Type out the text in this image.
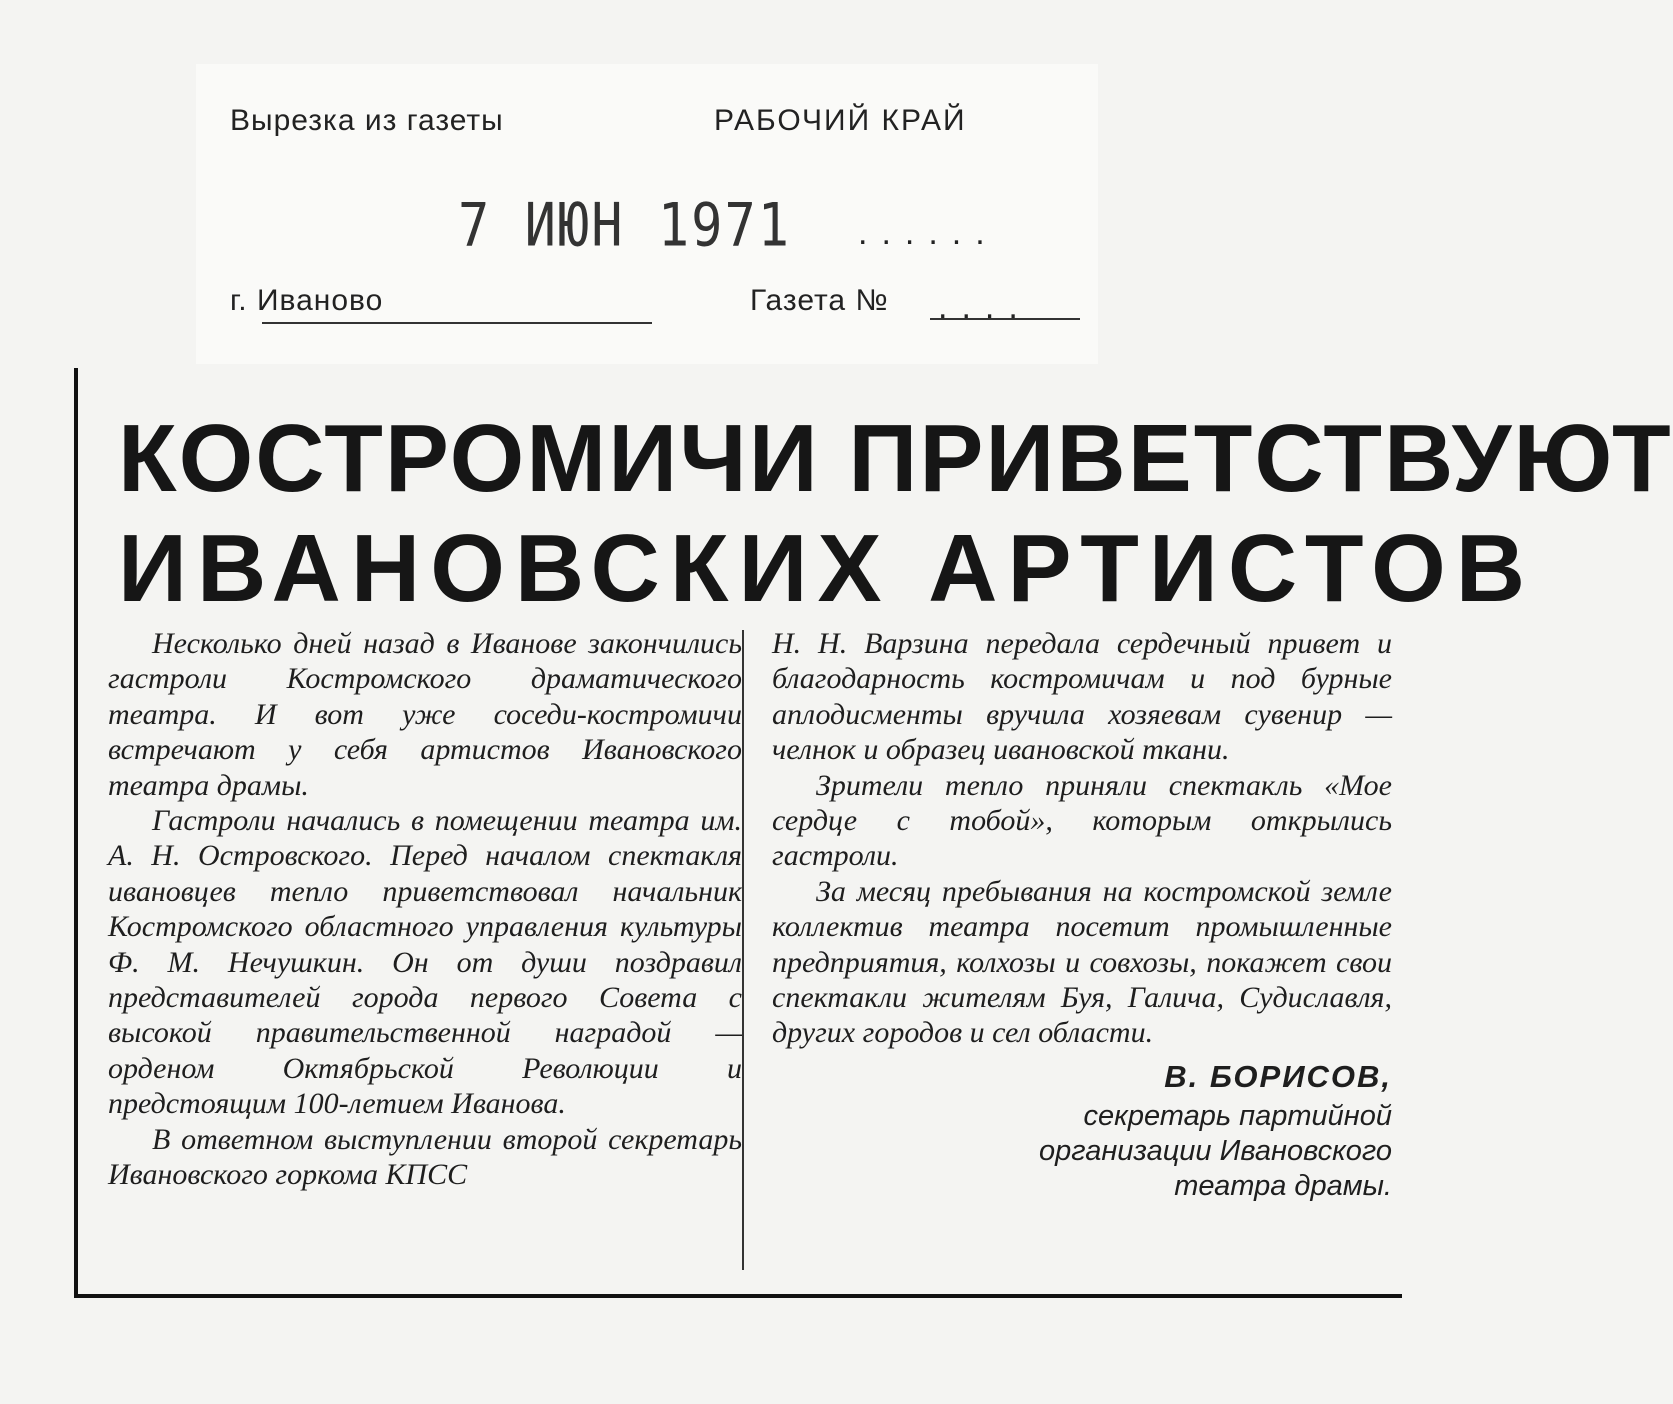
Вырезка из газеты	РАБОЧИЙ КРАЙ
7 ИЮН 1971 ......
г. Иваново	Газета № ....
КОСТРОМИЧИ ПРИВЕТСТВУЮТ
ИВАНОВСКИХ АРТИСТОВ

Несколько дней назад в Иванове закончились гастроли Костромского драматического театра. И вот уже соседи-костромичи встречают у себя артистов Ивановского театра драмы.

Гастроли начались в помещении театра им. А. Н. Островского. Перед началом спектакля ивановцев тепло приветствовал начальник Костромского областного управления культуры Ф. М. Нечушкин. Он от души поздравил представителей города первого Совета с высокой правительственной наградой — орденом Октябрьской Революции и предстоящим 100-летием Иванова.

В ответном выступлении второй секретарь Ивановского горкома КПСС

Н. Н. Варзина передала сердечный привет и благодарность костромичам и под бурные аплодисменты вручила хозяевам сувенир — челнок и образец ивановской ткани.

Зрители тепло приняли спектакль «Мое сердце с тобой», которым открылись гастроли.

За месяц пребывания на костромской земле коллектив театра посетит промышленные предприятия, колхозы и совхозы, покажет свои спектакли жителям Буя, Галича, Судиславля, других городов и сел области.

В. БОРИСОВ,
секретарь партийной
организации Ивановского
театра драмы.
